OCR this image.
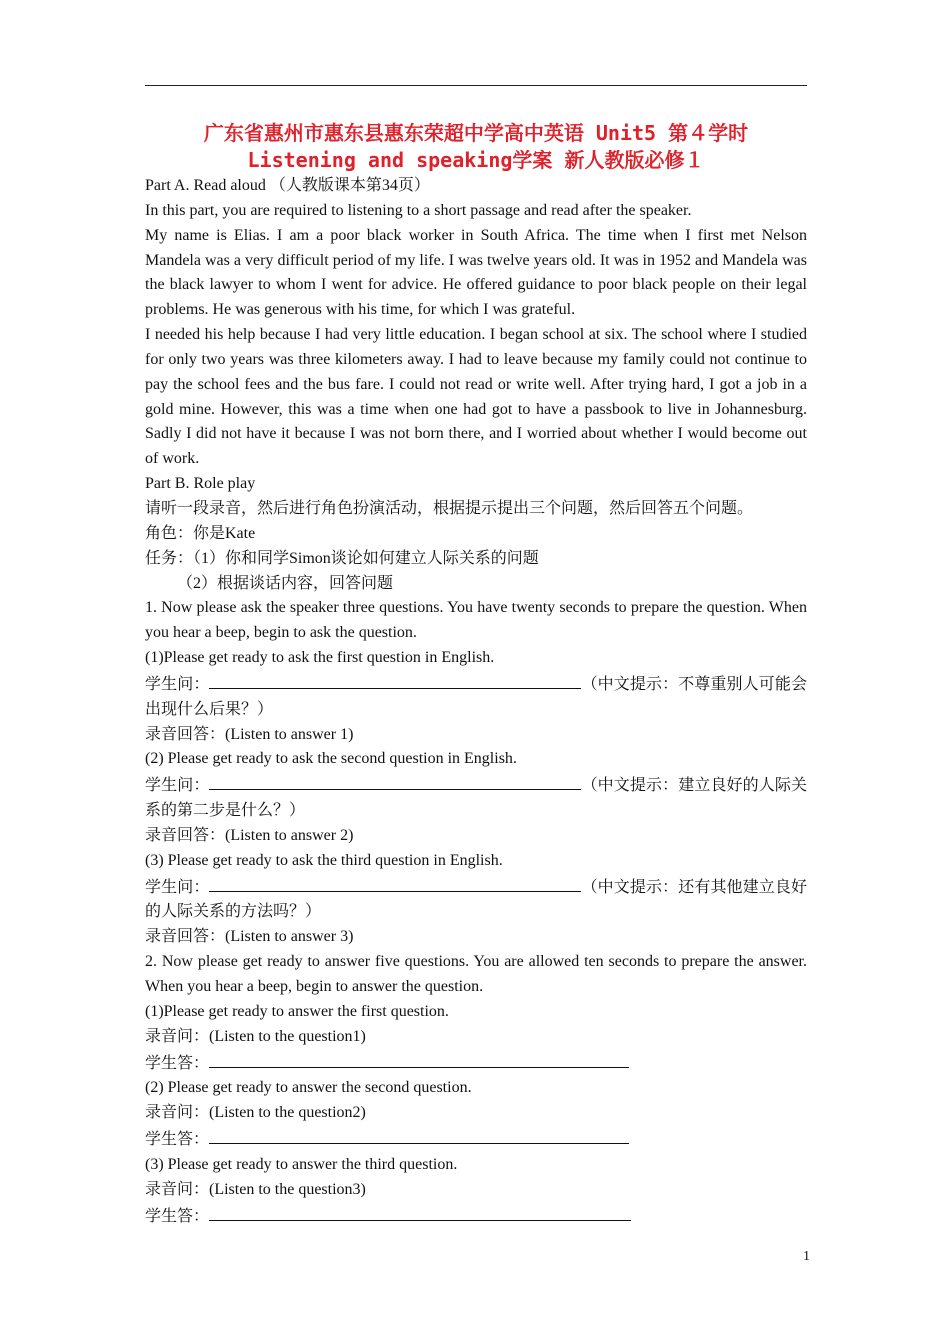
广东省惠州市惠东县惠东荣超中学高中英语 Unit5 第４学时
Listening and speaking学案 新人教版必修１

Part A. Read aloud （人教版课本第34页）

In this part, you are required to listening to a short passage and read after the speaker.

My name is Elias. I am a poor black worker in South Africa. The time when I first met Nelson Mandela was a very difficult period of my life. I was twelve years old. It was in 1952 and Mandela was the black lawyer to whom I went for advice. He offered guidance to poor black people on their legal problems. He was generous with his time, for which I was grateful.

I needed his help because I had very little education. I began school at six. The school where I studied for only two years was three kilometers away. I had to leave because my family could not continue to pay the school fees and the bus fare. I could not read or write well. After trying hard, I got a job in a gold mine. However, this was a time when one had got to have a passbook to live in Johannesburg. Sadly I did not have it because I was not born there, and I worried about whether I would become out of work.

Part B. Role play

请听一段录音，然后进行角色扮演活动，根据提示提出三个问题，然后回答五个问题。

角色：你是Kate

任务：（1）你和同学Simon谈论如何建立人际关系的问题

（2）根据谈话内容，回答问题

1. Now please ask the speaker three questions. You have twenty seconds to prepare the question. When you hear a beep, begin to ask the question.

(1)Please get ready to ask the first question in English.

学生问：	（中文提示：不尊重别人可能会出现什么后果？）

录音回答：(Listen to answer 1)

(2) Please get ready to ask the second question in English.

学生问：	（中文提示：建立良好的人际关系的第二步是什么？）

录音回答：(Listen to answer 2)

(3) Please get ready to ask the third question in English.

学生问：	（中文提示：还有其他建立良好的人际关系的方法吗？）

录音回答：(Listen to answer 3)

2. Now please get ready to answer five questions. You are allowed ten seconds to prepare the answer. When you hear a beep, begin to answer the question.

(1)Please get ready to answer the first question.

录音问：(Listen to the question1)

学生答：

(2) Please get ready to answer the second question.

录音问：(Listen to the question2)

学生答：

(3) Please get ready to answer the third question.

录音问：(Listen to the question3)

学生答：

1
